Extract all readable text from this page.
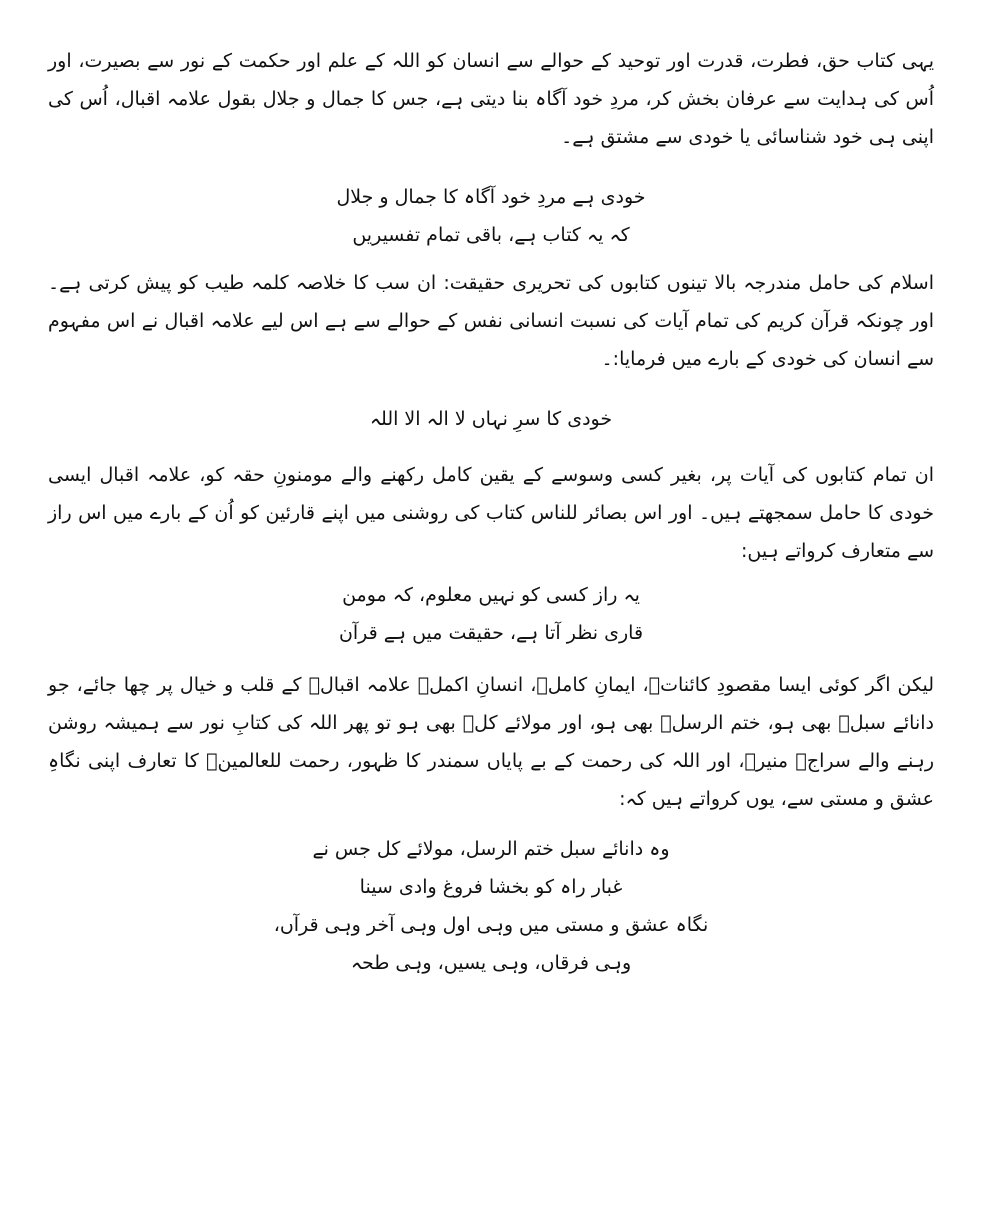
یہی کتاب حق، فطرت، قدرت اور توحید کے حوالے سے انسان کو اللہ کے علم اور حکمت کے نور سے بصیرت، اور اُس کی ہدایت سے عرفان بخش کر، مردِ خود آگاہ بنا دیتی ہے، جس کا جمال و جلال بقول علامہ اقبال، اُس کی اپنی ہی خود شناسائی یا خودی سے مشتق ہے۔

خودی ہے مردِ خود آگاہ کا جمال و جلال
کہ یہ کتاب ہے، باقی تمام تفسیریں

اسلام کی حامل مندرجہ بالا تینوں کتابوں کی تحریری حقیقت: ان سب کا خلاصہ کلمہ طیب کو پیش کرتی ہے۔ اور چونکہ قرآن کریم کی تمام آیات کی نسبت انسانی نفس کے حوالے سے ہے اس لیے علامہ اقبال نے اس مفہوم سے انسان کی خودی کے بارے میں فرمایا:۔

خودی کا سرِ نہاں لا الہ الا اللہ

ان تمام کتابوں کی آیات پر، بغیر کسی وسوسے کے یقین کامل رکھنے والے مومنونِ حقہ کو، علامہ اقبال ایسی خودی کا حامل سمجھتے ہیں۔ اور اس بصائر للناس کتاب کی روشنی میں اپنے قارئین کو اُن کے بارے میں اس راز سے متعارف کرواتے ہیں:

یہ راز کسی کو نہیں معلوم، کہ مومن
قاری نظر آتا ہے، حقیقت میں ہے قرآن

لیکن اگر کوئی ایسا مقصودِ کائناتؐ، ایمانِ کاملؐ، انسانِ اکملؐ علامہ اقبالؒ کے قلب و خیال پر چھا جائے، جو دانائے سبلؐ بھی ہو، ختم الرسلؐ بھی ہو، اور مولائے کلؐ بھی ہو تو پھر اللہ کی کتابِ نور سے ہمیشہ روشن رہنے والے سراجؐ منیرؐ، اور اللہ کی رحمت کے بے پایاں سمندر کا ظہور، رحمت للعالمینؐ کا تعارف اپنی نگاہِ عشق و مستی سے، یوں کرواتے ہیں کہ:

وہ دانائے سبل ختم الرسل، مولائے کل جس نے
غبار راہ کو بخشا فروغ وادی سینا
نگاہ عشق و مستی میں وہی اول وہی آخر وہی قرآں،
وہی فرقاں، وہی یسیں، وہی طحہ
